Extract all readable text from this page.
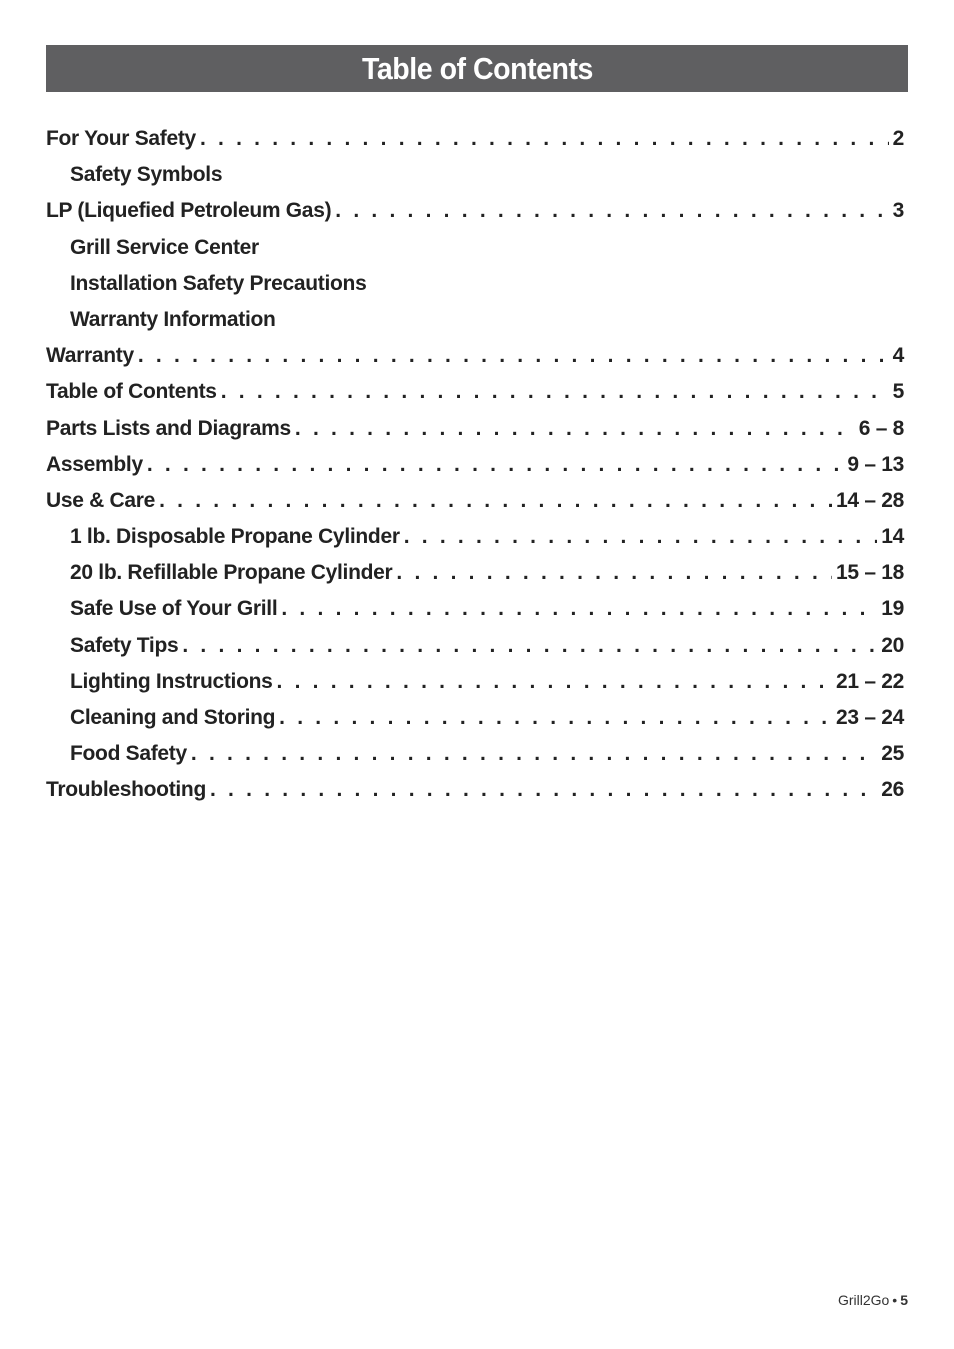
Table of Contents
For Your Safety . . .	2
Safety Symbols
LP (Liquefied Petroleum Gas) . . .	3
Grill Service Center
Installation Safety Precautions
Warranty Information
Warranty . . .	4
Table of Contents . . .	5
Parts Lists and Diagrams . . .	6 – 8
Assembly . . .	9 – 13
Use & Care . . .	14 – 28
1 lb. Disposable Propane Cylinder . . .	14
20 lb. Refillable Propane Cylinder . . .	15 – 18
Safe Use of Your Grill . . .	19
Safety Tips . . .	20
Lighting Instructions . . .	21 – 22
Cleaning and Storing . . .	23 – 24
Food Safety . . .	25
Troubleshooting . . .	26
Grill2Go • 5
